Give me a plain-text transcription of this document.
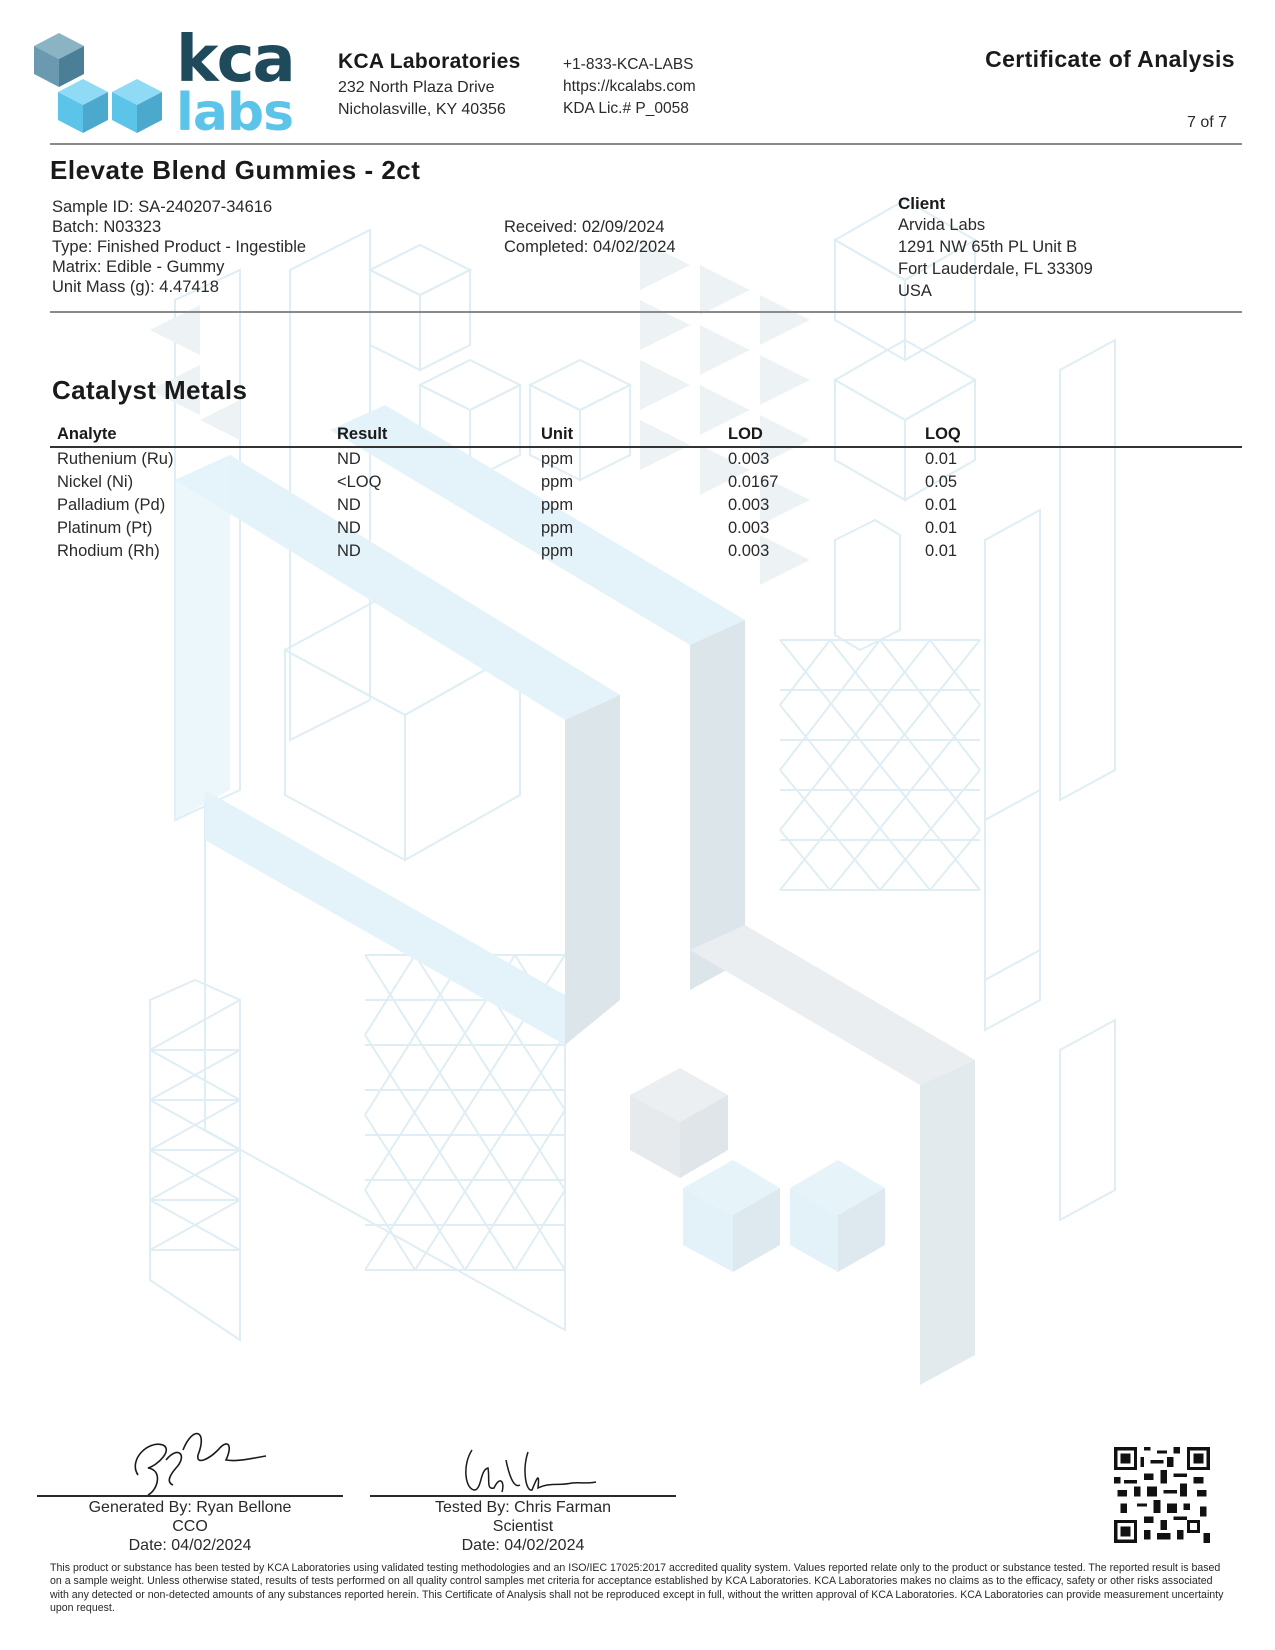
kca
labs
KCA Laboratories
232 North Plaza Drive
Nicholasville, KY 40356
+1-833-KCA-LABS
https://kcalabs.com
KDA Lic.# P_0058
Certificate of Analysis
7 of 7
Elevate Blend Gummies - 2ct
Sample ID: SA-240207-34616
Batch: N03323
Type: Finished Product - Ingestible
Matrix: Edible - Gummy
Unit Mass (g): 4.47418
Received: 02/09/2024
Completed: 04/02/2024
Client
Arvida Labs
1291 NW 65th PL Unit B
Fort Lauderdale, FL 33309
USA
Catalyst Metals
Analyte	Result	Unit	LOD	LOQ
Ruthenium (Ru)	ND	ppm	0.003	0.01
Nickel (Ni)	<LOQ	ppm	0.0167	0.05
Palladium (Pd)	ND	ppm	0.003	0.01
Platinum (Pt)	ND	ppm	0.003	0.01
Rhodium (Rh)	ND	ppm	0.003	0.01
Generated By: Ryan Bellone
CCO
Date: 04/02/2024
Tested By: Chris Farman
Scientist
Date: 04/02/2024
This product or substance has been tested by KCA Laboratories using validated testing methodologies and an ISO/IEC 17025:2017 accredited quality system. Values reported relate only to the product or substance tested. The reported result is based on a sample weight. Unless otherwise stated, results of tests performed on all quality control samples met criteria for acceptance established by KCA Laboratories. KCA Laboratories makes no claims as to the efficacy, safety or other risks associated with any detected or non-detected amounts of any substances reported herein. This Certificate of Analysis shall not be reproduced except in full, without the written approval of KCA Laboratories. KCA Laboratories can provide measurement uncertainty upon request.
